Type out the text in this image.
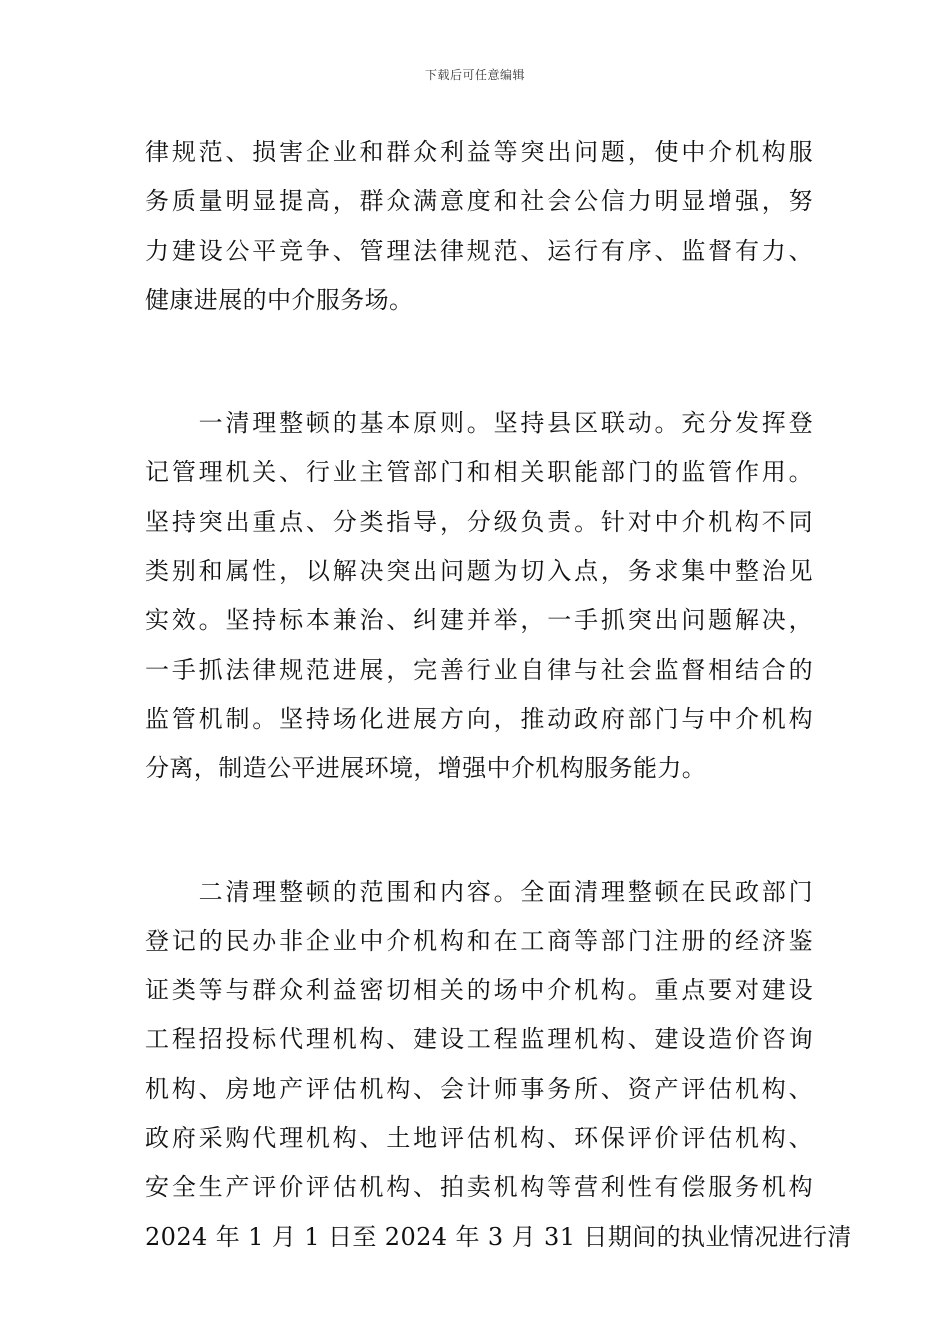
下载后可任意编辑
律规范、损害企业和群众利益等突出问题，使中介机构服
务质量明显提高，群众满意度和社会公信力明显增强，努
力建设公平竞争、管理法律规范、运行有序、监督有力、
健康进展的中介服务场。
　　一清理整顿的基本原则。坚持县区联动。充分发挥登
记管理机关、行业主管部门和相关职能部门的监管作用。
坚持突出重点、分类指导，分级负责。针对中介机构不同
类别和属性，以解决突出问题为切入点，务求集中整治见
实效。坚持标本兼治、纠建并举，一手抓突出问题解决，
一手抓法律规范进展，完善行业自律与社会监督相结合的
监管机制。坚持场化进展方向，推动政府部门与中介机构
分离，制造公平进展环境，增强中介机构服务能力。
　　二清理整顿的范围和内容。全面清理整顿在民政部门
登记的民办非企业中介机构和在工商等部门注册的经济鉴
证类等与群众利益密切相关的场中介机构。重点要对建设
工程招投标代理机构、建设工程监理机构、建设造价咨询
机构、房地产评估机构、会计师事务所、资产评估机构、
政府采购代理机构、土地评估机构、环保评价评估机构、
安全生产评价评估机构、拍卖机构等营利性有偿服务机构
2024 年 1 月 1 日至 2024 年 3 月 31 日期间的执业情况进行清
